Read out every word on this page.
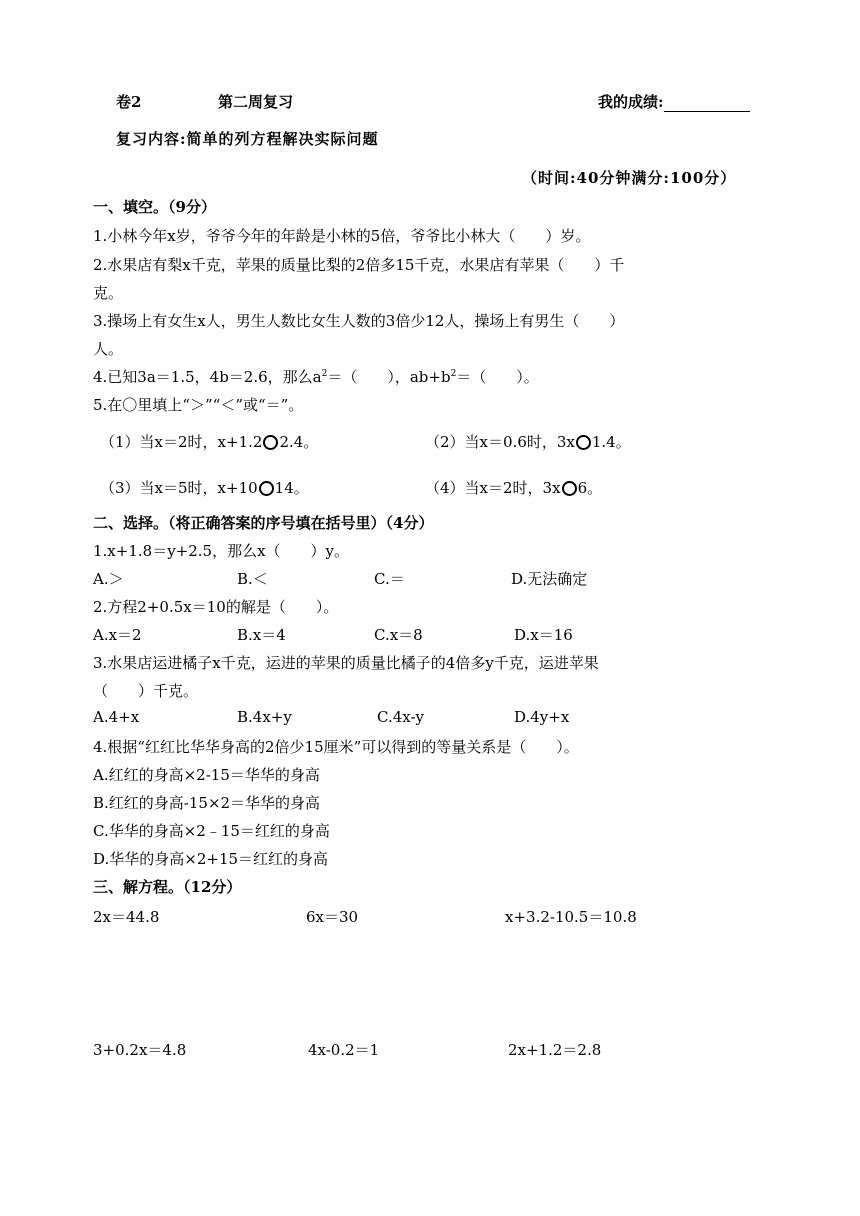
卷2	第二周复习	我的成绩:
复习内容:简单的列方程解决实际问题
（时间:40分钟满分:100分）
一、填空。（9分）
1.小林今年x岁，爷爷今年的年龄是小林的5倍，爷爷比小林大（　　）岁。
2.水果店有梨x千克，苹果的质量比梨的2倍多15千克，水果店有苹果（　　）千
克。
3.操场上有女生x人，男生人数比女生人数的3倍少12人，操场上有男生（　　）
人。
4.已知3a＝1.5，4b＝2.6，那么$a^2=$（　　），$ab+b^2=$（　　）。
5.在〇里填上“＞”“＜”或“＝”。
（1）当x＝2时，x+1.2 2.4。	（2）当x＝0.6时，3x 1.4。
（3）当x＝5时，x+10 14。	（4）当x＝2时，3x 6。
二、选择。（将正确答案的序号填在括号里）（4分）
1.x+1.8＝y+2.5，那么x（　　）y。
A.＞	B.＜	C.＝	D.无法确定
2.方程2+0.5x＝10的解是（　　）。
A.x＝2	B.x＝4	C.x＝8	D.x＝16
3.水果店运进橘子x千克，运进的苹果的质量比橘子的4倍多y千克，运进苹果
（　　）千克。
A.4+x	B.4x+y	C.4x-y	D.4y+x
4.根据“红红比华华身高的2倍少15厘米”可以得到的等量关系是（　　）。
A.红红的身高×2-15＝华华的身高
B.红红的身高-15×2＝华华的身高
C.华华的身高×2﹣15＝红红的身高
D.华华的身高×2+15＝红红的身高
三、解方程。（12分）
2x＝44.8	6x＝30	x+3.2-10.5＝10.8
3+0.2x＝4.8	4x-0.2＝1	2x+1.2＝2.8
